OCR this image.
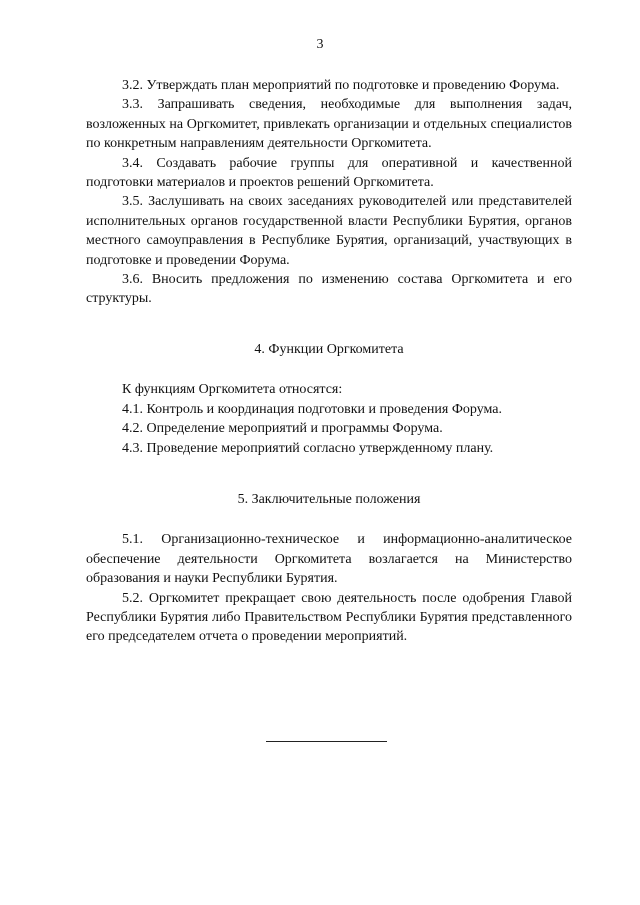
3

3.2. Утверждать план мероприятий по подготовке и проведению Форума.

3.3. Запрашивать сведения, необходимые для выполнения задач, возложенных на Оргкомитет, привлекать организации и отдельных специалистов по конкретным направлениям деятельности Оргкомитета.

3.4. Создавать рабочие группы для оперативной и качественной подготовки материалов и проектов решений Оргкомитета.

3.5. Заслушивать на своих заседаниях руководителей или представителей исполнительных органов государственной власти Республики Бурятия, органов местного самоуправления в Республике Бурятия, организаций, участвующих в подготовке и проведении Форума.

3.6. Вносить предложения по изменению состава Оргкомитета и его структуры.

4. Функции Оргкомитета

К функциям Оргкомитета относятся:

4.1. Контроль и координация подготовки и проведения Форума.

4.2. Определение мероприятий и программы Форума.

4.3. Проведение мероприятий согласно утвержденному плану.

5. Заключительные положения

5.1. Организационно-техническое и информационно-аналитическое обеспечение деятельности Оргкомитета возлагается на Министерство образования и науки Республики Бурятия.

5.2. Оргкомитет прекращает свою деятельность после одобрения Главой Республики Бурятия либо Правительством Республики Бурятия представленного его председателем отчета о проведении мероприятий.
